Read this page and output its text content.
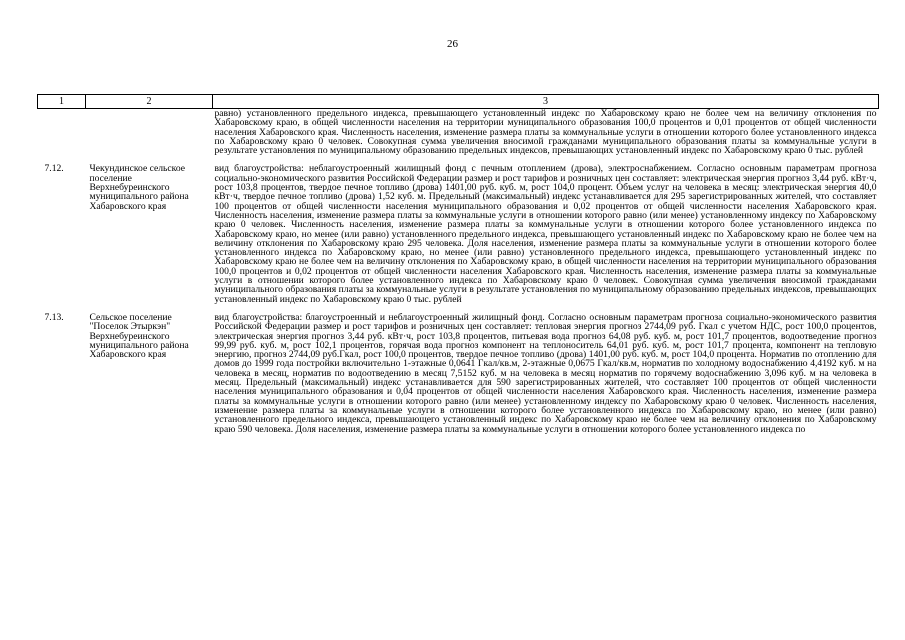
26
1	2	3
		равно) установленного предельного индекса, превышающего установленный индекс по Хабаровскому краю не более чем на величину отклонения по Хабаровскому краю, в общей численности населения на территории муниципального образования 100,0 процентов и 0,01 процентов от общей численности населения Хабаровского края. Численность населения, изменение размера платы за коммунальные услуги в отношении которого более установленного индекса по Хабаровскому краю 0 человек. Совокупная сумма увеличения вносимой гражданами муниципального образования платы за коммунальные услуги в результате установления по муниципальному образованию предельных индексов, превышающих установленный индекс по Хабаровскому краю 0 тыс. рублей

7.12.	Чекундинское сельское поселение Верхнебуреинского муниципального района Хабаровского края	вид благоустройства: неблагоустроенный жилищный фонд с печным отоплением (дрова), электроснабжением. Согласно основным параметрам прогноза социально-экономического развития Российской Федерации размер и рост тарифов и розничных цен составляет: электрическая энергия прогноз 3,44 руб. кВт·ч, рост 103,8 процентов, твердое печное топливо (дрова) 1401,00 руб. куб. м, рост 104,0 процент. Объем услуг на человека в месяц: электрическая энергия 40,0 кВт·ч, твердое печное топливо (дрова) 1,52 куб. м. Предельный (максимальный) индекс устанавливается для 295 зарегистрированных жителей, что составляет 100 процентов от общей численности населения муниципального образования и 0,02 процентов от общей численности населения Хабаровского края. Численность населения, изменение размера платы за коммунальные услуги в отношении которого равно (или менее) установленному индексу по Хабаровскому краю 0 человек. Численность населения, изменение размера платы за коммунальные услуги в отношении которого более установленного индекса по Хабаровскому краю, но менее (или равно) установленного предельного индекса, превышающего установленный индекс по Хабаровскому краю не более чем на величину отклонения по Хабаровскому краю 295 человека. Доля населения, изменение размера платы за коммунальные услуги в отношении которого более установленного индекса по Хабаровскому краю, но менее (или равно) установленного предельного индекса, превышающего установленный индекс по Хабаровскому краю не более чем на величину отклонения по Хабаровскому краю, в общей численности населения на территории муниципального образования 100,0 процентов и 0,02 процентов от общей численности населения Хабаровского края. Численность населения, изменение размера платы за коммунальные услуги в отношении которого более установленного индекса по Хабаровскому краю 0 человек. Совокупная сумма увеличения вносимой гражданами муниципального образования платы за коммунальные услуги в результате установления по муниципальному образованию предельных индексов, превышающих установленный индекс по Хабаровскому краю 0 тыс. рублей

7.13.	Сельское поселение "Поселок Этыркэн" Верхнебуреинского муниципального района Хабаровского края	вид благоустройства: благоустроенный и неблагоустроенный жилищный фонд. Согласно основным параметрам прогноза социально-экономического развития Российской Федерации размер и рост тарифов и розничных цен составляет: тепловая энергия прогноз 2744,09 руб. Гкал с учетом НДС, рост 100,0 процентов, электрическая энергия прогноз 3,44 руб. кВт·ч, рост 103,8 процентов, питьевая вода прогноз 64,08 руб. куб. м, рост 101,7 процентов, водоотведение прогноз 99,99 руб. куб. м, рост 102,1 процентов, горячая вода прогноз компонент на теплоноситель 64,01 руб. куб. м, рост 101,7 процента, компонент на тепловую энергию, прогноз 2744,09 руб.Гкал, рост 100,0 процентов, твердое печное топливо (дрова) 1401,00 руб. куб. м, рост 104,0 процента. Норматив по отоплению для домов до 1999 года постройки включительно 1-этажные 0,0641 Гкал/кв.м, 2-этажные 0,0675 Гкал/кв.м, норматив по холодному водоснабжению 4,4192 куб. м на человека в месяц, норматив по водоотведению в месяц 7,5152 куб. м на человека в месяц норматив по горячему водоснабжению 3,096 куб. м на человека в месяц. Предельный (максимальный) индекс устанавливается для 590 зарегистрированных жителей, что составляет 100 процентов от общей численности населения муниципального образования и 0,04 процентов от общей численности населения Хабаровского края. Численность населения, изменение размера платы за коммунальные услуги в отношении которого равно (или менее) установленному индексу по Хабаровскому краю 0 человек. Численность населения, изменение размера платы за коммунальные услуги в отношении которого более установленного индекса по Хабаровскому краю, но менее (или равно) установленного предельного индекса, превышающего установленный индекс по Хабаровскому краю не более чем на величину отклонения по Хабаровскому краю 590 человека. Доля населения, изменение размера платы за коммунальные услуги в отношении которого более установленного индекса по
